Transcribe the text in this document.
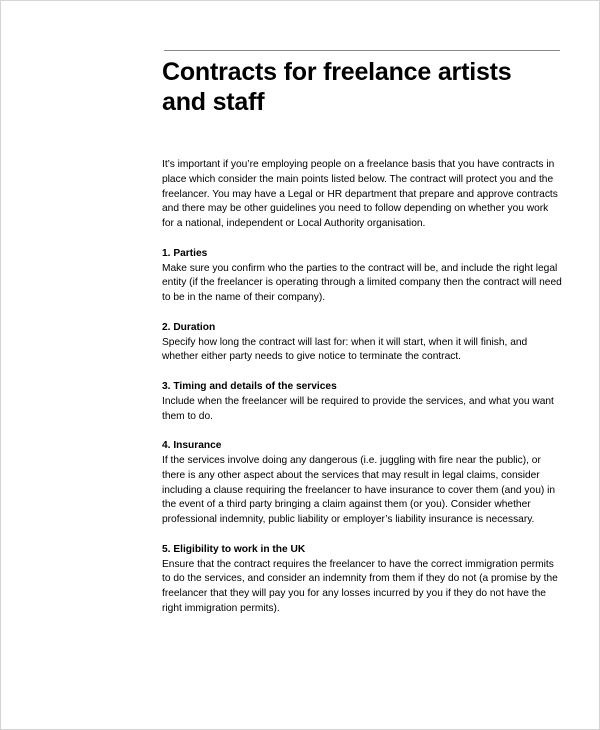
Contracts for freelance artists and staff

It’s important if you’re employing people on a freelance basis that you have contracts in place which consider the main points listed below. The contract will protect you and the freelancer. You may have a Legal or HR department that prepare and approve contracts and there may be other guidelines you need to follow depending on whether you work for a national, independent or Local Authority organisation.

1. Parties
Make sure you confirm who the parties to the contract will be, and include the right legal entity (if the freelancer is operating through a limited company then the contract will need to be in the name of their company).
2. Duration
Specify how long the contract will last for: when it will start, when it will finish, and whether either party needs to give notice to terminate the contract.
3. Timing and details of the services
Include when the freelancer will be required to provide the services, and what you want them to do.
4. Insurance
If the services involve doing any dangerous (i.e. juggling with fire near the public), or there is any other aspect about the services that may result in legal claims, consider including a clause requiring the freelancer to have insurance to cover them (and you) in the event of a third party bringing a claim against them (or you). Consider whether professional indemnity, public liability or employer’s liability insurance is necessary.
5. Eligibility to work in the UK
Ensure that the contract requires the freelancer to have the correct immigration permits to do the services, and consider an indemnity from them if they do not (a promise by the freelancer that they will pay you for any losses incurred by you if they do not have the right immigration permits).
